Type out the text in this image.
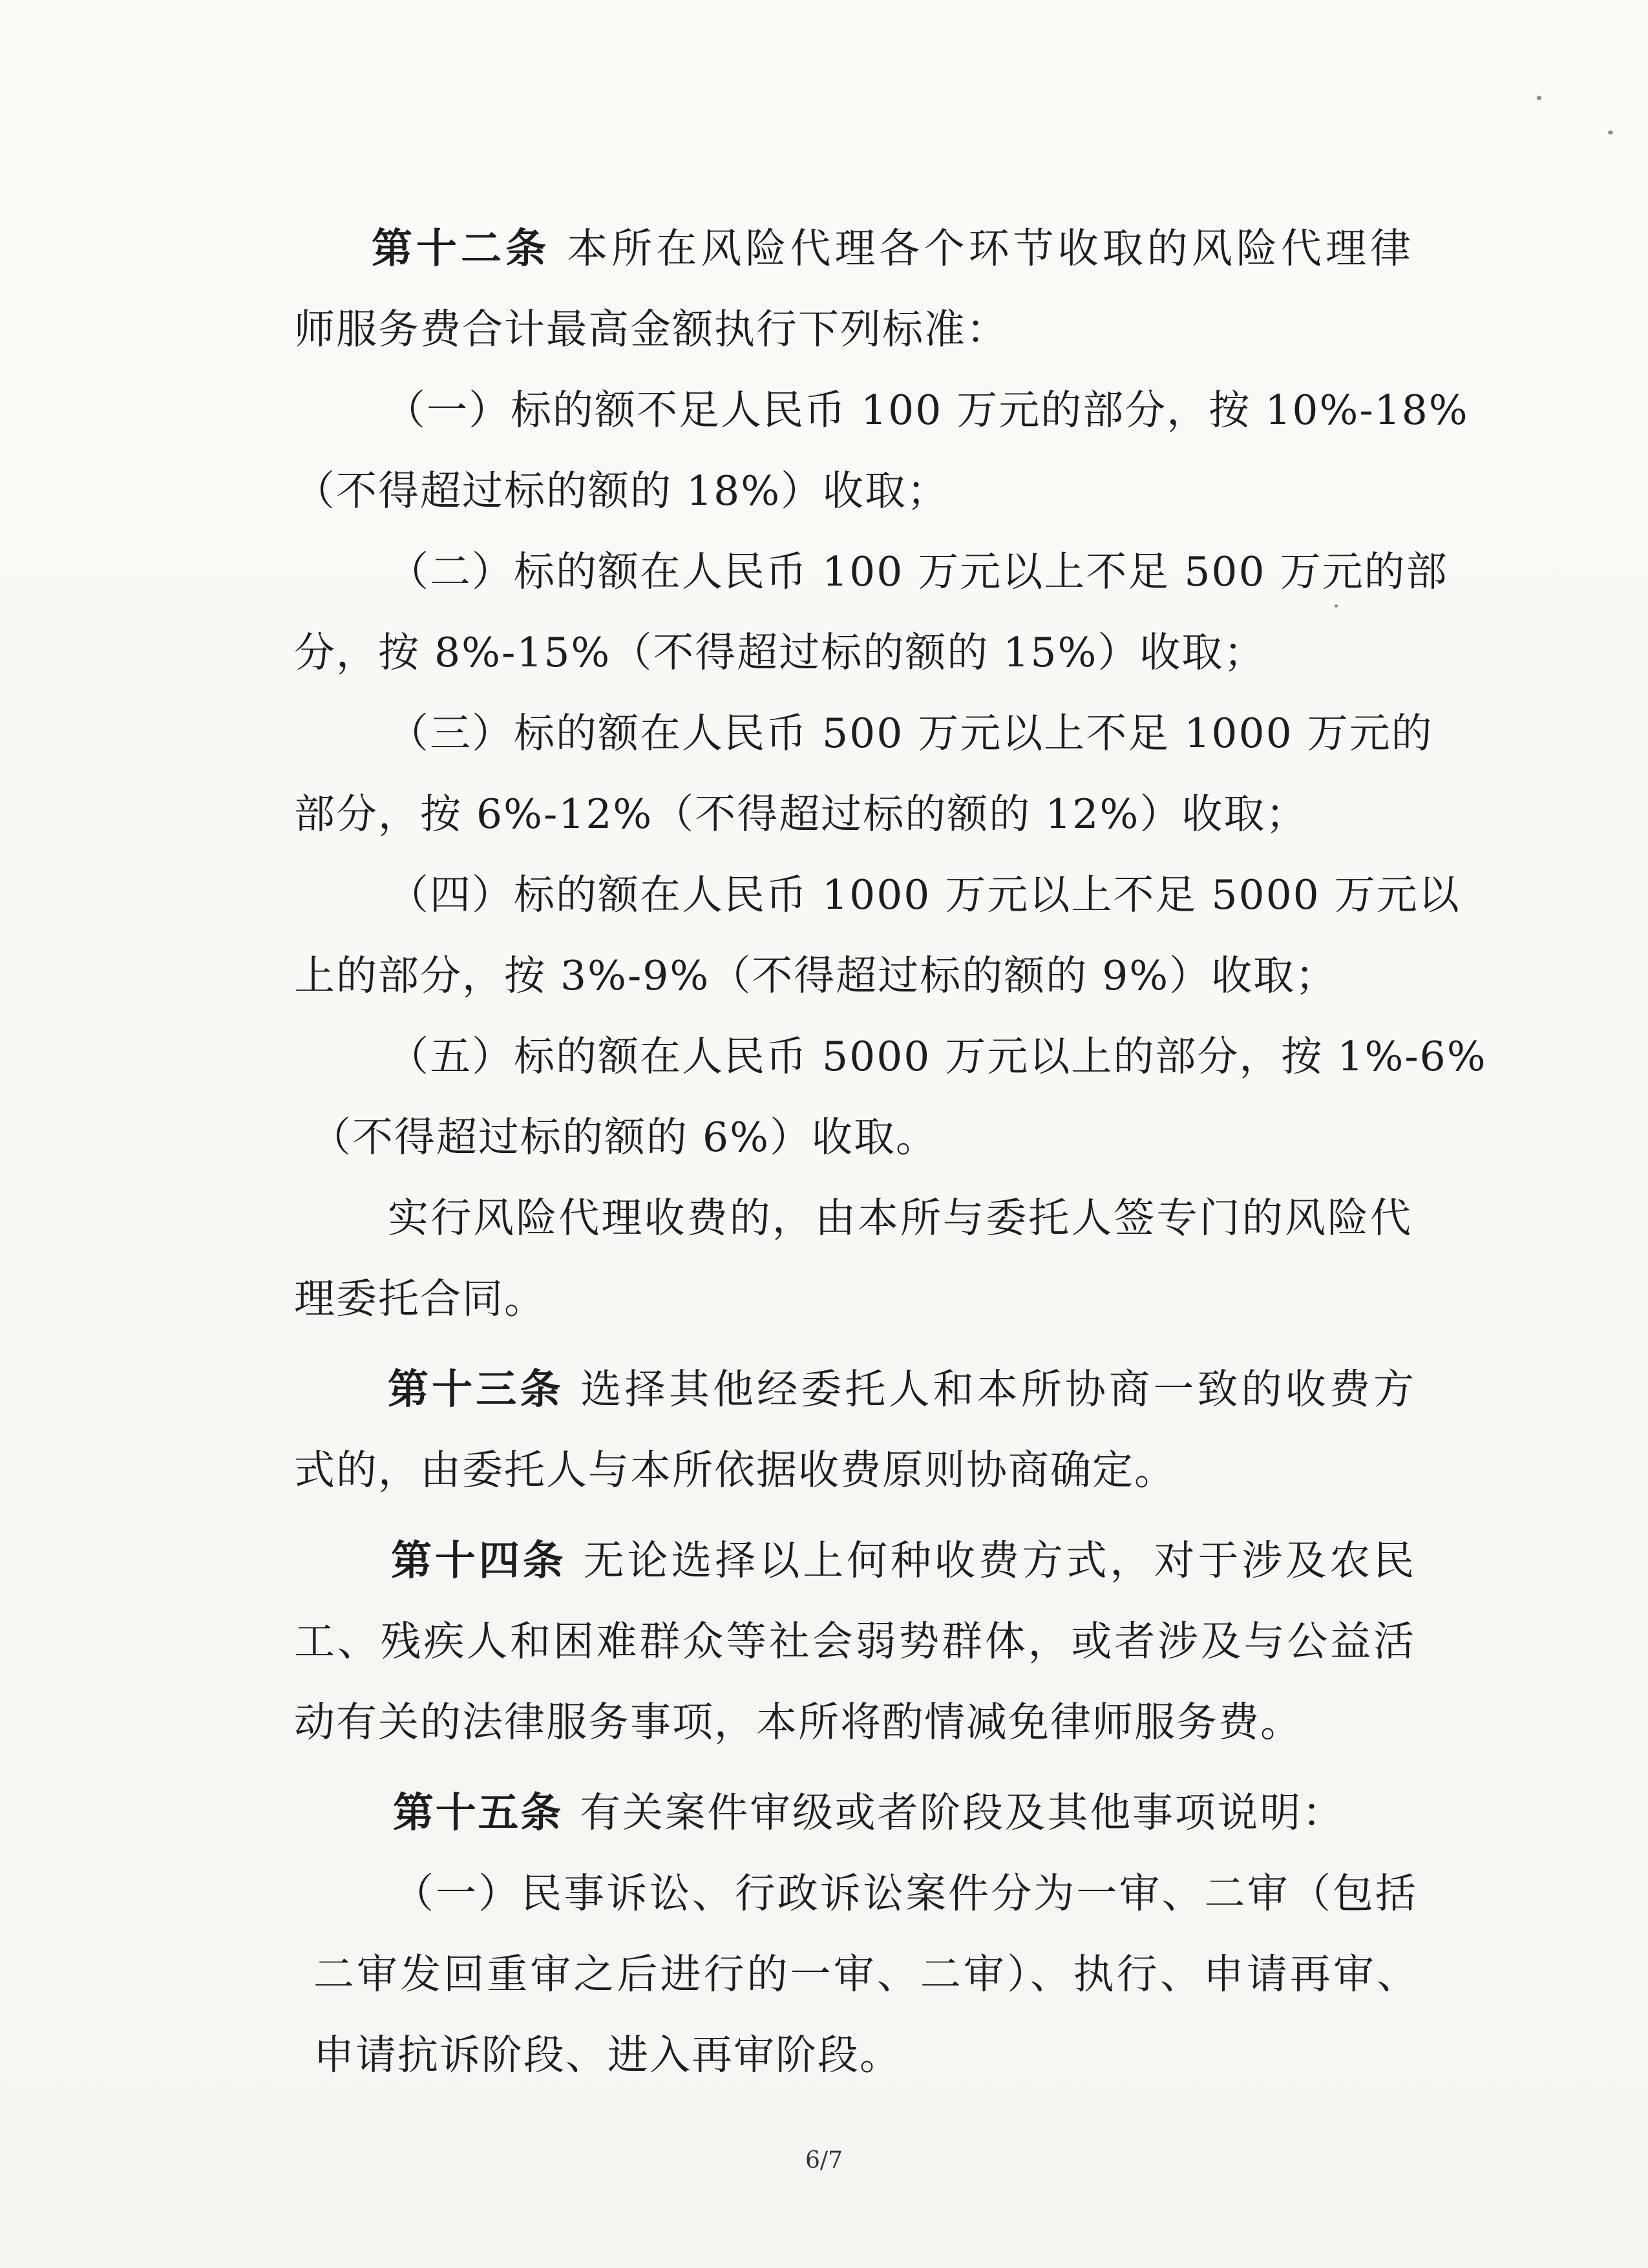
第十二条 本所在风险代理各个环节收取的风险代理律
师服务费合计最高金额执行下列标准：
（一）标的额不足人民币 100 万元的部分，按 10%-18%
（不得超过标的额的 18%）收取；
（二）标的额在人民币 100 万元以上不足 500 万元的部
分，按 8%-15%（不得超过标的额的 15%）收取；
（三）标的额在人民币 500 万元以上不足 1000 万元的
部分，按 6%-12%（不得超过标的额的 12%）收取；
（四）标的额在人民币 1000 万元以上不足 5000 万元以
上的部分，按 3%-9%（不得超过标的额的 9%）收取；
（五）标的额在人民币 5000 万元以上的部分，按 1%-6%
（不得超过标的额的 6%）收取。
实行风险代理收费的，由本所与委托人签专门的风险代
理委托合同。
第十三条 选择其他经委托人和本所协商一致的收费方
式的，由委托人与本所依据收费原则协商确定。
第十四条 无论选择以上何种收费方式，对于涉及农民
工、残疾人和困难群众等社会弱势群体，或者涉及与公益活
动有关的法律服务事项，本所将酌情减免律师服务费。
第十五条 有关案件审级或者阶段及其他事项说明：
（一）民事诉讼、行政诉讼案件分为一审、二审（包括
二审发回重审之后进行的一审、二审）、执行、申请再审、
申请抗诉阶段、进入再审阶段。
6/7
